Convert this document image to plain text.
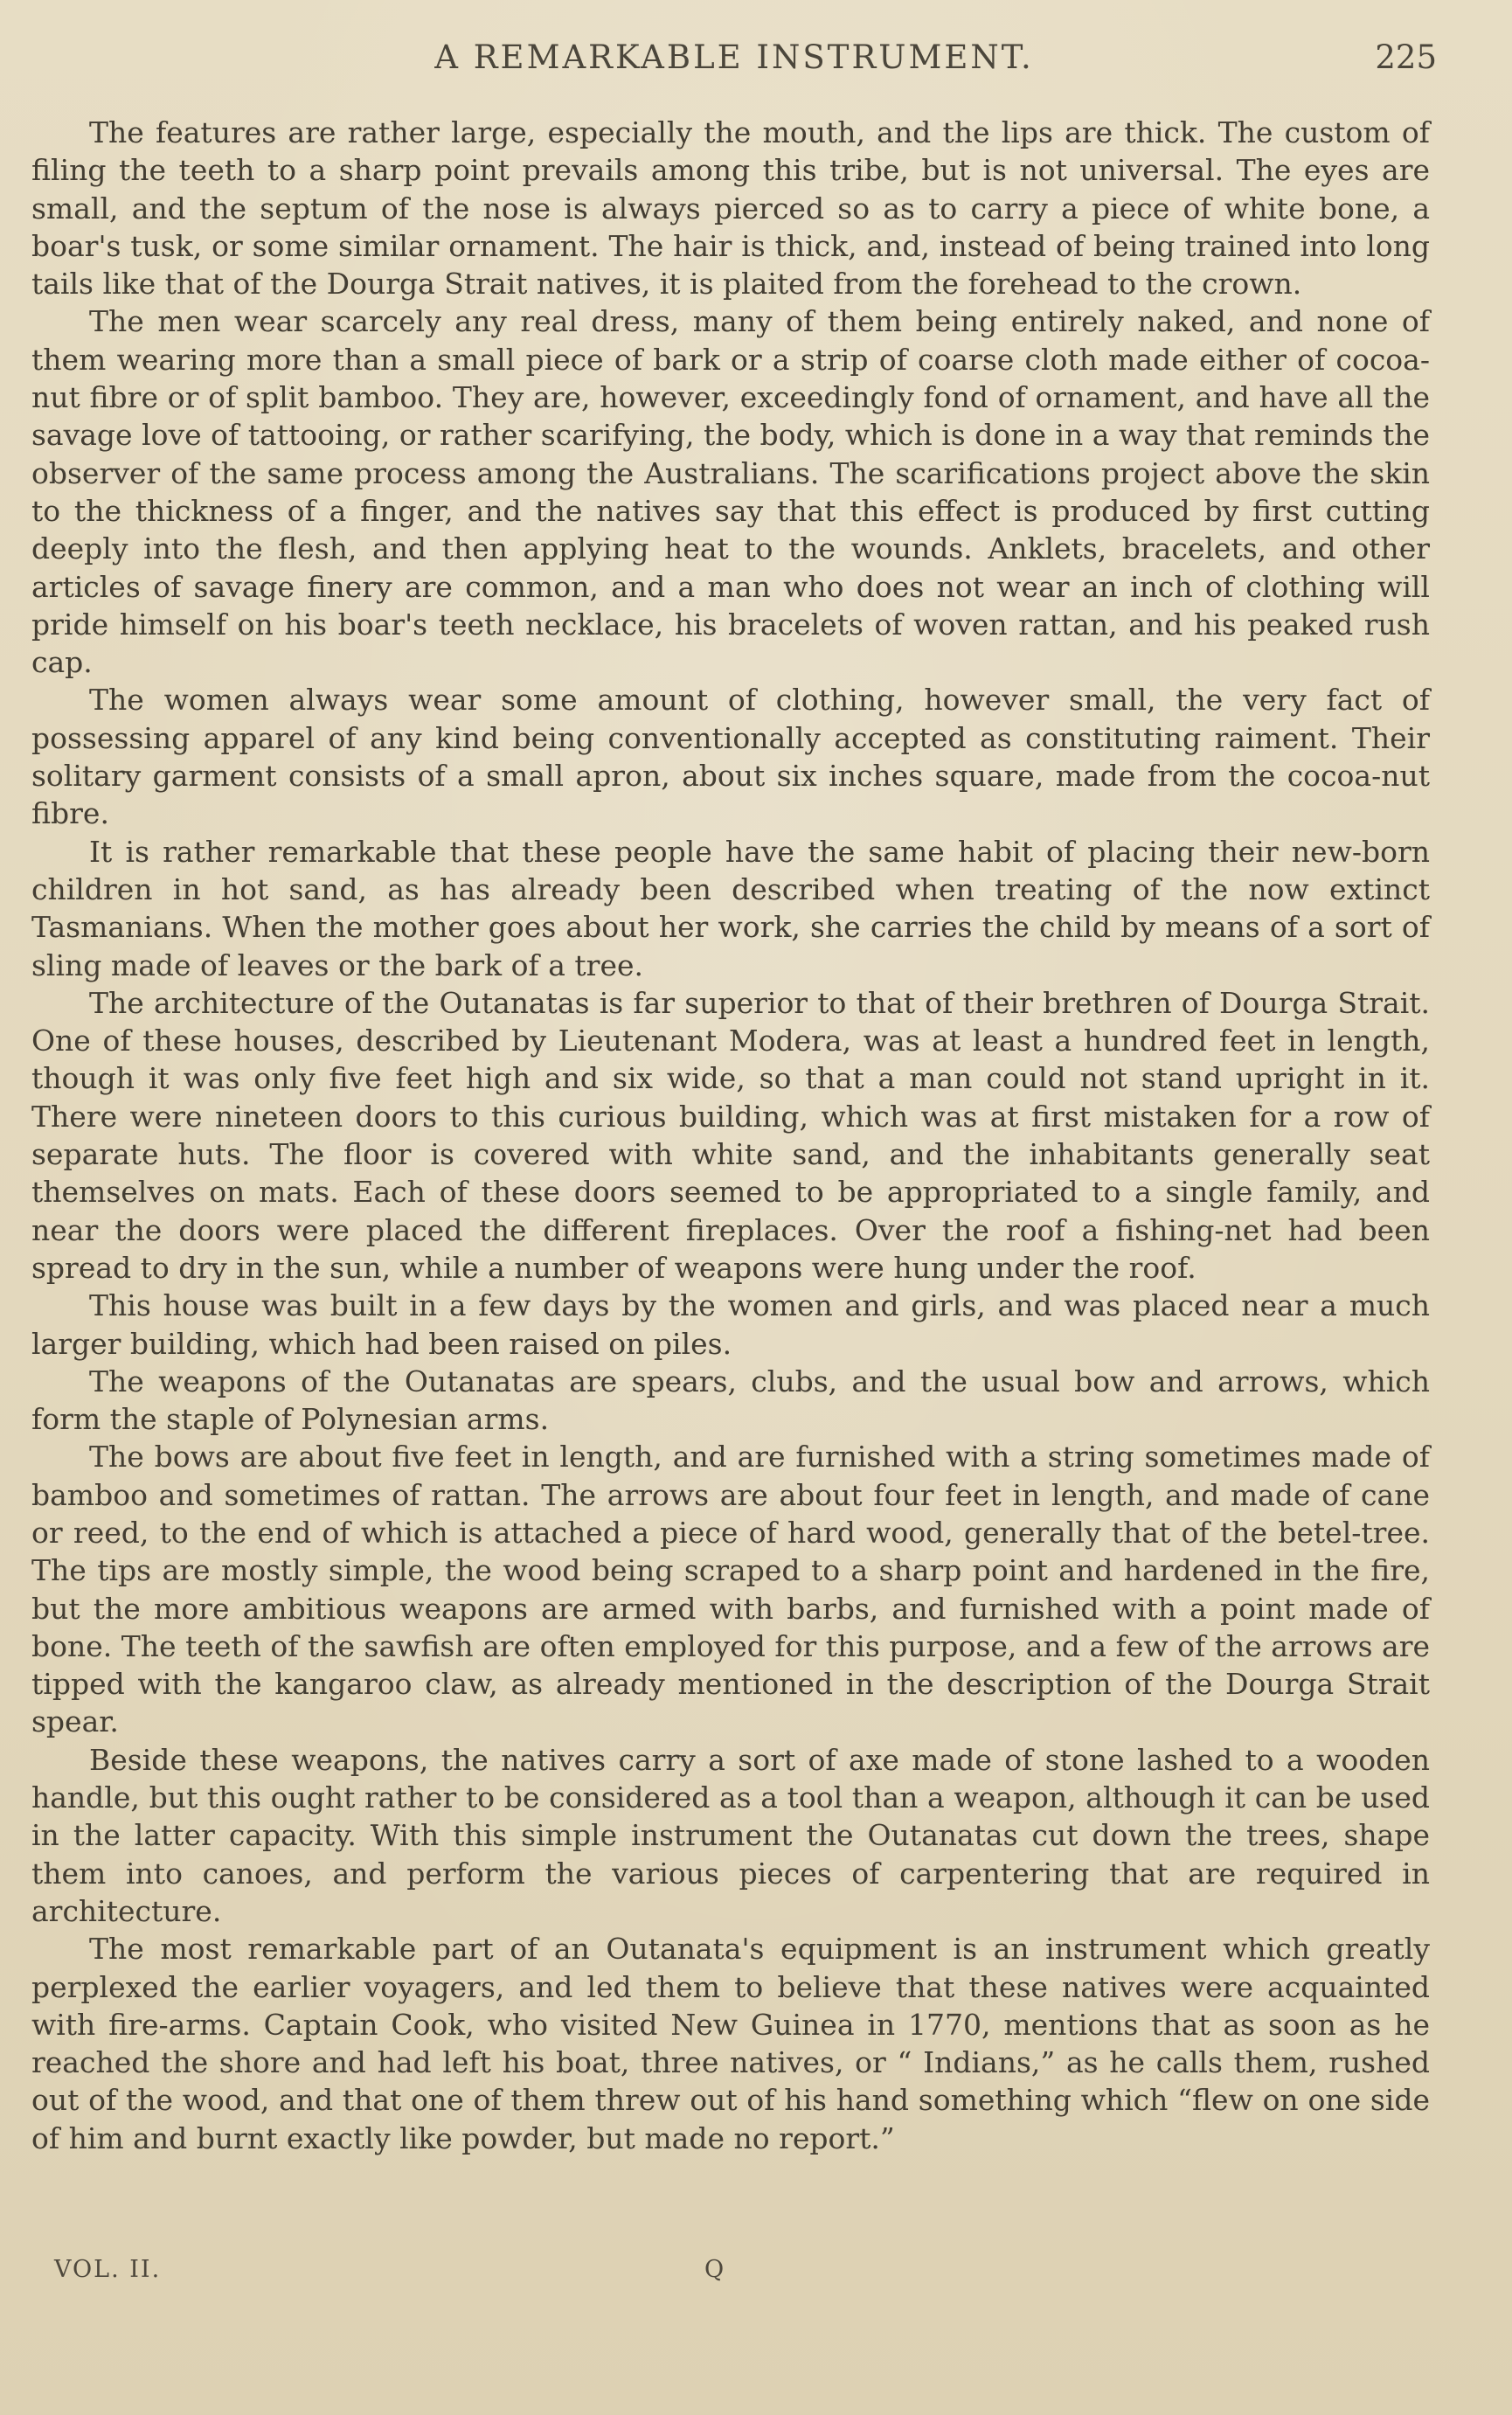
A REMARKABLE INSTRUMENT.	225

The features are rather large, especially the mouth, and the lips are thick. The custom of filing the teeth to a sharp point prevails among this tribe, but is not universal. The eyes are small, and the septum of the nose is always pierced so as to carry a piece of white bone, a boar's tusk, or some similar ornament. The hair is thick, and, instead of being trained into long tails like that of the Dourga Strait natives, it is plaited from the forehead to the crown.

The men wear scarcely any real dress, many of them being entirely naked, and none of them wearing more than a small piece of bark or a strip of coarse cloth made either of cocoa-nut fibre or of split bamboo. They are, however, exceedingly fond of ornament, and have all the savage love of tattooing, or rather scarifying, the body, which is done in a way that reminds the observer of the same process among the Australians. The scarifications project above the skin to the thickness of a finger, and the natives say that this effect is produced by first cutting deeply into the flesh, and then applying heat to the wounds. Anklets, bracelets, and other articles of savage finery are common, and a man who does not wear an inch of clothing will pride himself on his boar's teeth necklace, his bracelets of woven rattan, and his peaked rush cap.

The women always wear some amount of clothing, however small, the very fact of possessing apparel of any kind being conventionally accepted as constituting raiment. Their solitary garment consists of a small apron, about six inches square, made from the cocoa-nut fibre.

It is rather remarkable that these people have the same habit of placing their new-born children in hot sand, as has already been described when treating of the now extinct Tasmanians. When the mother goes about her work, she carries the child by means of a sort of sling made of leaves or the bark of a tree.

The architecture of the Outanatas is far superior to that of their brethren of Dourga Strait. One of these houses, described by Lieutenant Modera, was at least a hundred feet in length, though it was only five feet high and six wide, so that a man could not stand upright in it. There were nineteen doors to this curious building, which was at first mistaken for a row of separate huts. The floor is covered with white sand, and the inhabitants generally seat themselves on mats. Each of these doors seemed to be appropriated to a single family, and near the doors were placed the different fireplaces. Over the roof a fishing-net had been spread to dry in the sun, while a number of weapons were hung under the roof.

This house was built in a few days by the women and girls, and was placed near a much larger building, which had been raised on piles.

The weapons of the Outanatas are spears, clubs, and the usual bow and arrows, which form the staple of Polynesian arms.

The bows are about five feet in length, and are furnished with a string sometimes made of bamboo and sometimes of rattan. The arrows are about four feet in length, and made of cane or reed, to the end of which is attached a piece of hard wood, generally that of the betel-tree. The tips are mostly simple, the wood being scraped to a sharp point and hardened in the fire, but the more ambitious weapons are armed with barbs, and furnished with a point made of bone. The teeth of the sawfish are often employed for this purpose, and a few of the arrows are tipped with the kangaroo claw, as already mentioned in the description of the Dourga Strait spear.

Beside these weapons, the natives carry a sort of axe made of stone lashed to a wooden handle, but this ought rather to be considered as a tool than a weapon, although it can be used in the latter capacity. With this simple instrument the Outanatas cut down the trees, shape them into canoes, and perform the various pieces of carpentering that are required in architecture.

The most remarkable part of an Outanata's equipment is an instrument which greatly perplexed the earlier voyagers, and led them to believe that these natives were acquainted with fire-arms. Captain Cook, who visited New Guinea in 1770, mentions that as soon as he reached the shore and had left his boat, three natives, or “ Indians,” as he calls them, rushed out of the wood, and that one of them threw out of his hand something which “flew on one side of him and burnt exactly like powder, but made no report.”

VOL. II.	Q
